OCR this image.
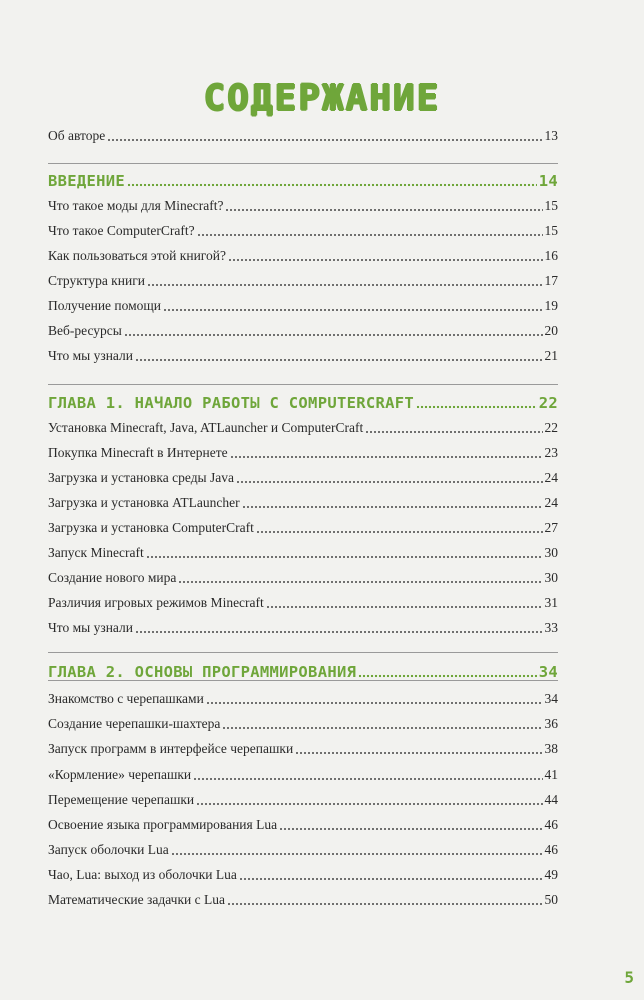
СОДЕРЖАНИЕ
Об авторе	13
ВВЕДЕНИЕ	14
Что такое моды для Minecraft?	15
Что такое ComputerCraft?	15
Как пользоваться этой книгой?	16
Структура книги	17
Получение помощи	19
Веб-ресурсы	20
Что мы узнали	21
ГЛАВА 1. НАЧАЛО РАБОТЫ С COMPUTERCRAFT	22
Установка Minecraft, Java, ATLauncher и ComputerCraft	22
Покупка Minecraft в Интернете	23
Загрузка и установка среды Java	24
Загрузка и установка ATLauncher	24
Загрузка и установка ComputerCraft	27
Запуск Minecraft	30
Создание нового мира	30
Различия игровых режимов Minecraft	31
Что мы узнали	33
ГЛАВА 2. ОСНОВЫ ПРОГРАММИРОВАНИЯ	34
Знакомство с черепашками	34
Создание черепашки-шахтера	36
Запуск программ в интерфейсе черепашки	38
«Кормление» черепашки	41
Перемещение черепашки	44
Освоение языка программирования Lua	46
Запуск оболочки Lua	46
Чао, Lua: выход из оболочки Lua	49
Математические задачки с Lua	50
5
